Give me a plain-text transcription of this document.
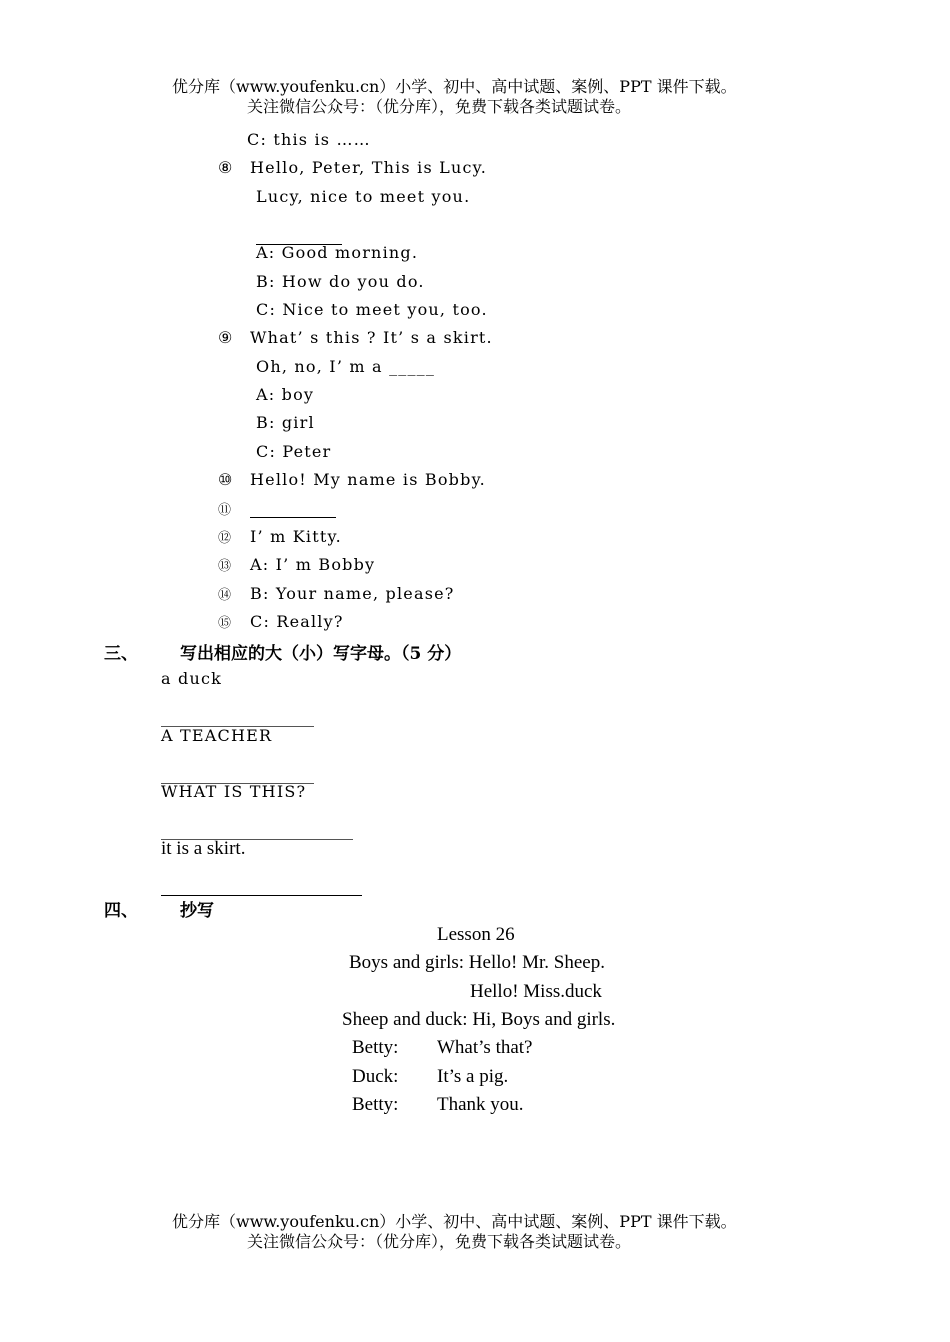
优分库（www.youfenku.cn）小学、初中、高中试题、案例、PPT 课件下载。
关注微信公众号：（优分库），免费下载各类试题试卷。
C: this is ……
⑧ Hello, Peter, This is Lucy.
Lucy, nice to meet you.
A: Good morning.
B: How do you do.
C: Nice to meet you, too.
⑨ What’ s this ? It’ s a skirt.
Oh, no, I’ m a _____
A: boy
B: girl
C: Peter
⑩ Hello! My name is Bobby.
⑪
⑫ I’ m Kitty.
⑬ A: I’ m Bobby
⑭ B: Your name, please?
⑮ C: Really?
三、 写出相应的大（小）写字母。（5 分）
a duck
A TEACHER
WHAT IS THIS?
it is a skirt.
四、 抄写
Lesson 26
Boys and girls: Hello! Mr. Sheep.
Hello! Miss.duck
Sheep and duck: Hi, Boys and girls.
Betty: What’s that?
Duck: It’s a pig.
Betty: Thank you.
优分库（www.youfenku.cn）小学、初中、高中试题、案例、PPT 课件下载。
关注微信公众号：（优分库），免费下载各类试题试卷。
